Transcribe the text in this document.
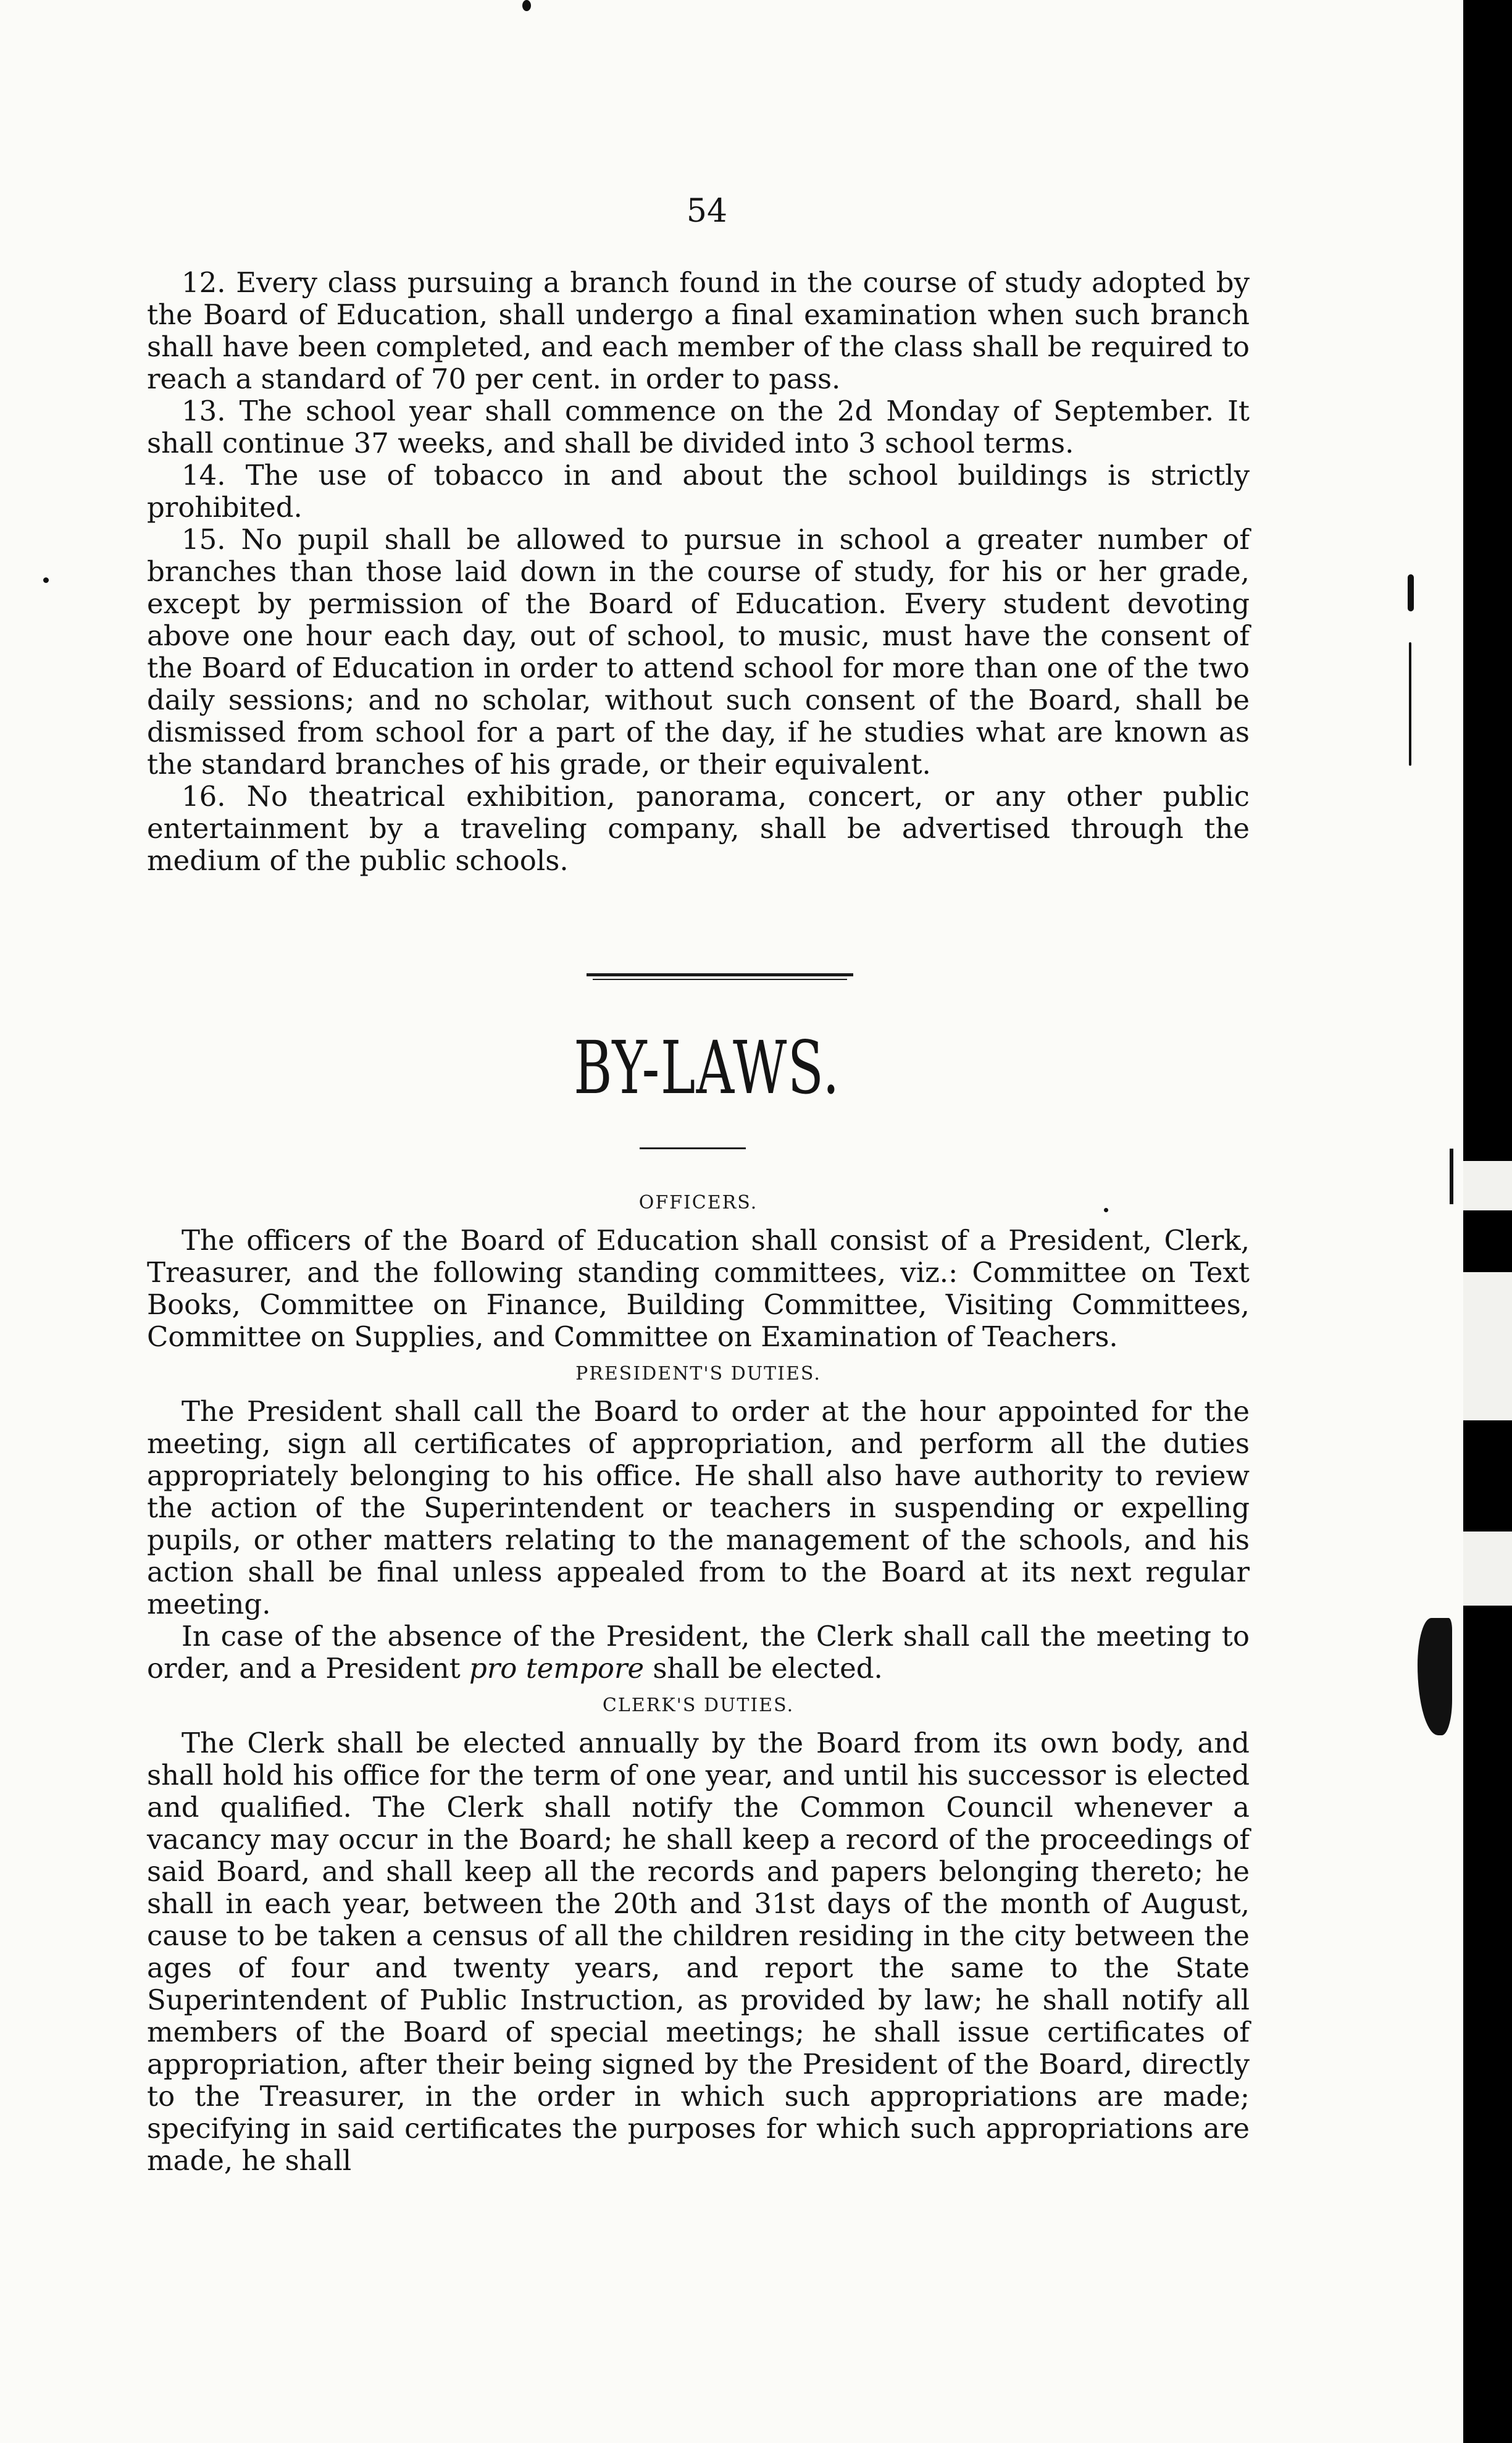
54

12. Every class pursuing a branch found in the course of study adopted by the Board of Education, shall undergo a final examination when such branch shall have been completed, and each member of the class shall be required to reach a standard of 70 per cent. in order to pass.

13. The school year shall commence on the 2d Monday of September. It shall continue 37 weeks, and shall be divided into 3 school terms.

14. The use of tobacco in and about the school buildings is strictly prohibited.

15. No pupil shall be allowed to pursue in school a greater number of branches than those laid down in the course of study, for his or her grade, except by permission of the Board of Education. Every student devoting above one hour each day, out of school, to music, must have the consent of the Board of Education in order to attend school for more than one of the two daily sessions; and no scholar, without such consent of the Board, shall be dismissed from school for a part of the day, if he studies what are known as the standard branches of his grade, or their equivalent.

16. No theatrical exhibition, panorama, concert, or any other public entertainment by a traveling company, shall be advertised through the medium of the public schools.

BY-LAWS.

OFFICERS.

The officers of the Board of Education shall consist of a President, Clerk, Treasurer, and the following standing committees, viz.: Committee on Text Books, Committee on Finance, Building Committee, Visiting Committees, Committee on Supplies, and Committee on Examination of Teachers.

PRESIDENT'S DUTIES.

The President shall call the Board to order at the hour appointed for the meeting, sign all certificates of appropriation, and perform all the duties appropriately belonging to his office. He shall also have authority to review the action of the Superintendent or teachers in suspending or expelling pupils, or other matters relating to the management of the schools, and his action shall be final unless appealed from to the Board at its next regular meeting.

In case of the absence of the President, the Clerk shall call the meeting to order, and a President pro tempore shall be elected.

CLERK'S DUTIES.

The Clerk shall be elected annually by the Board from its own body, and shall hold his office for the term of one year, and until his successor is elected and qualified. The Clerk shall notify the Common Council whenever a vacancy may occur in the Board; he shall keep a record of the proceedings of said Board, and shall keep all the records and papers belonging thereto; he shall in each year, between the 20th and 31st days of the month of August, cause to be taken a census of all the children residing in the city between the ages of four and twenty years, and report the same to the State Superintendent of Public Instruction, as provided by law; he shall notify all members of the Board of special meetings; he shall issue certificates of appropriation, after their being signed by the President of the Board, directly to the Treasurer, in the order in which such appropriations are made; specifying in said certificates the purposes for which such appropriations are made, he shall
